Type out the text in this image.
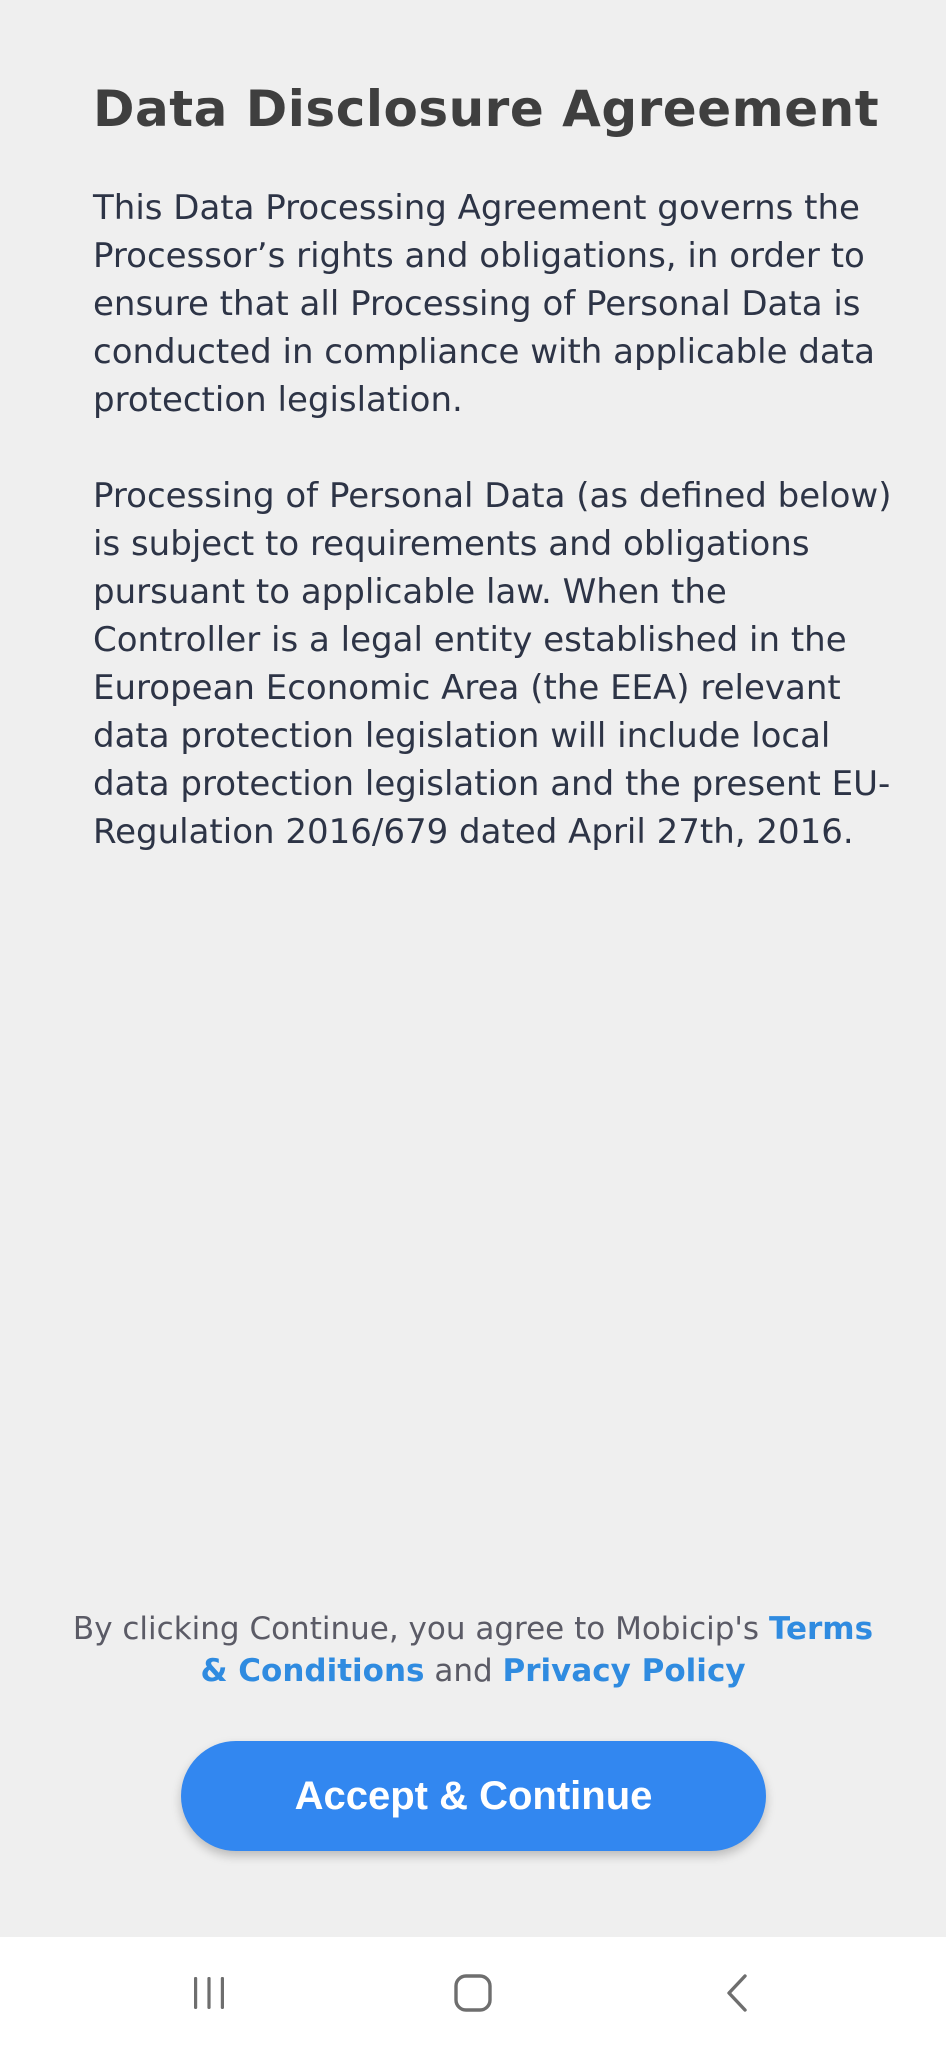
Data Disclosure Agreement

This Data Processing Agreement governs the Processor’s rights and obligations, in order to ensure that all Processing of Personal Data is conducted in compliance with applicable data protection legislation.

Processing of Personal Data (as defined below) is subject to requirements and obligations pursuant to applicable law. When the Controller is a legal entity established in the European Economic Area (the EEA) relevant data protection legislation will include local data protection legislation and the present EU- Regulation 2016/679 dated April 27th, 2016.

By clicking Continue, you agree to Mobicip's Terms & Conditions and Privacy Policy
Accept & Continue
